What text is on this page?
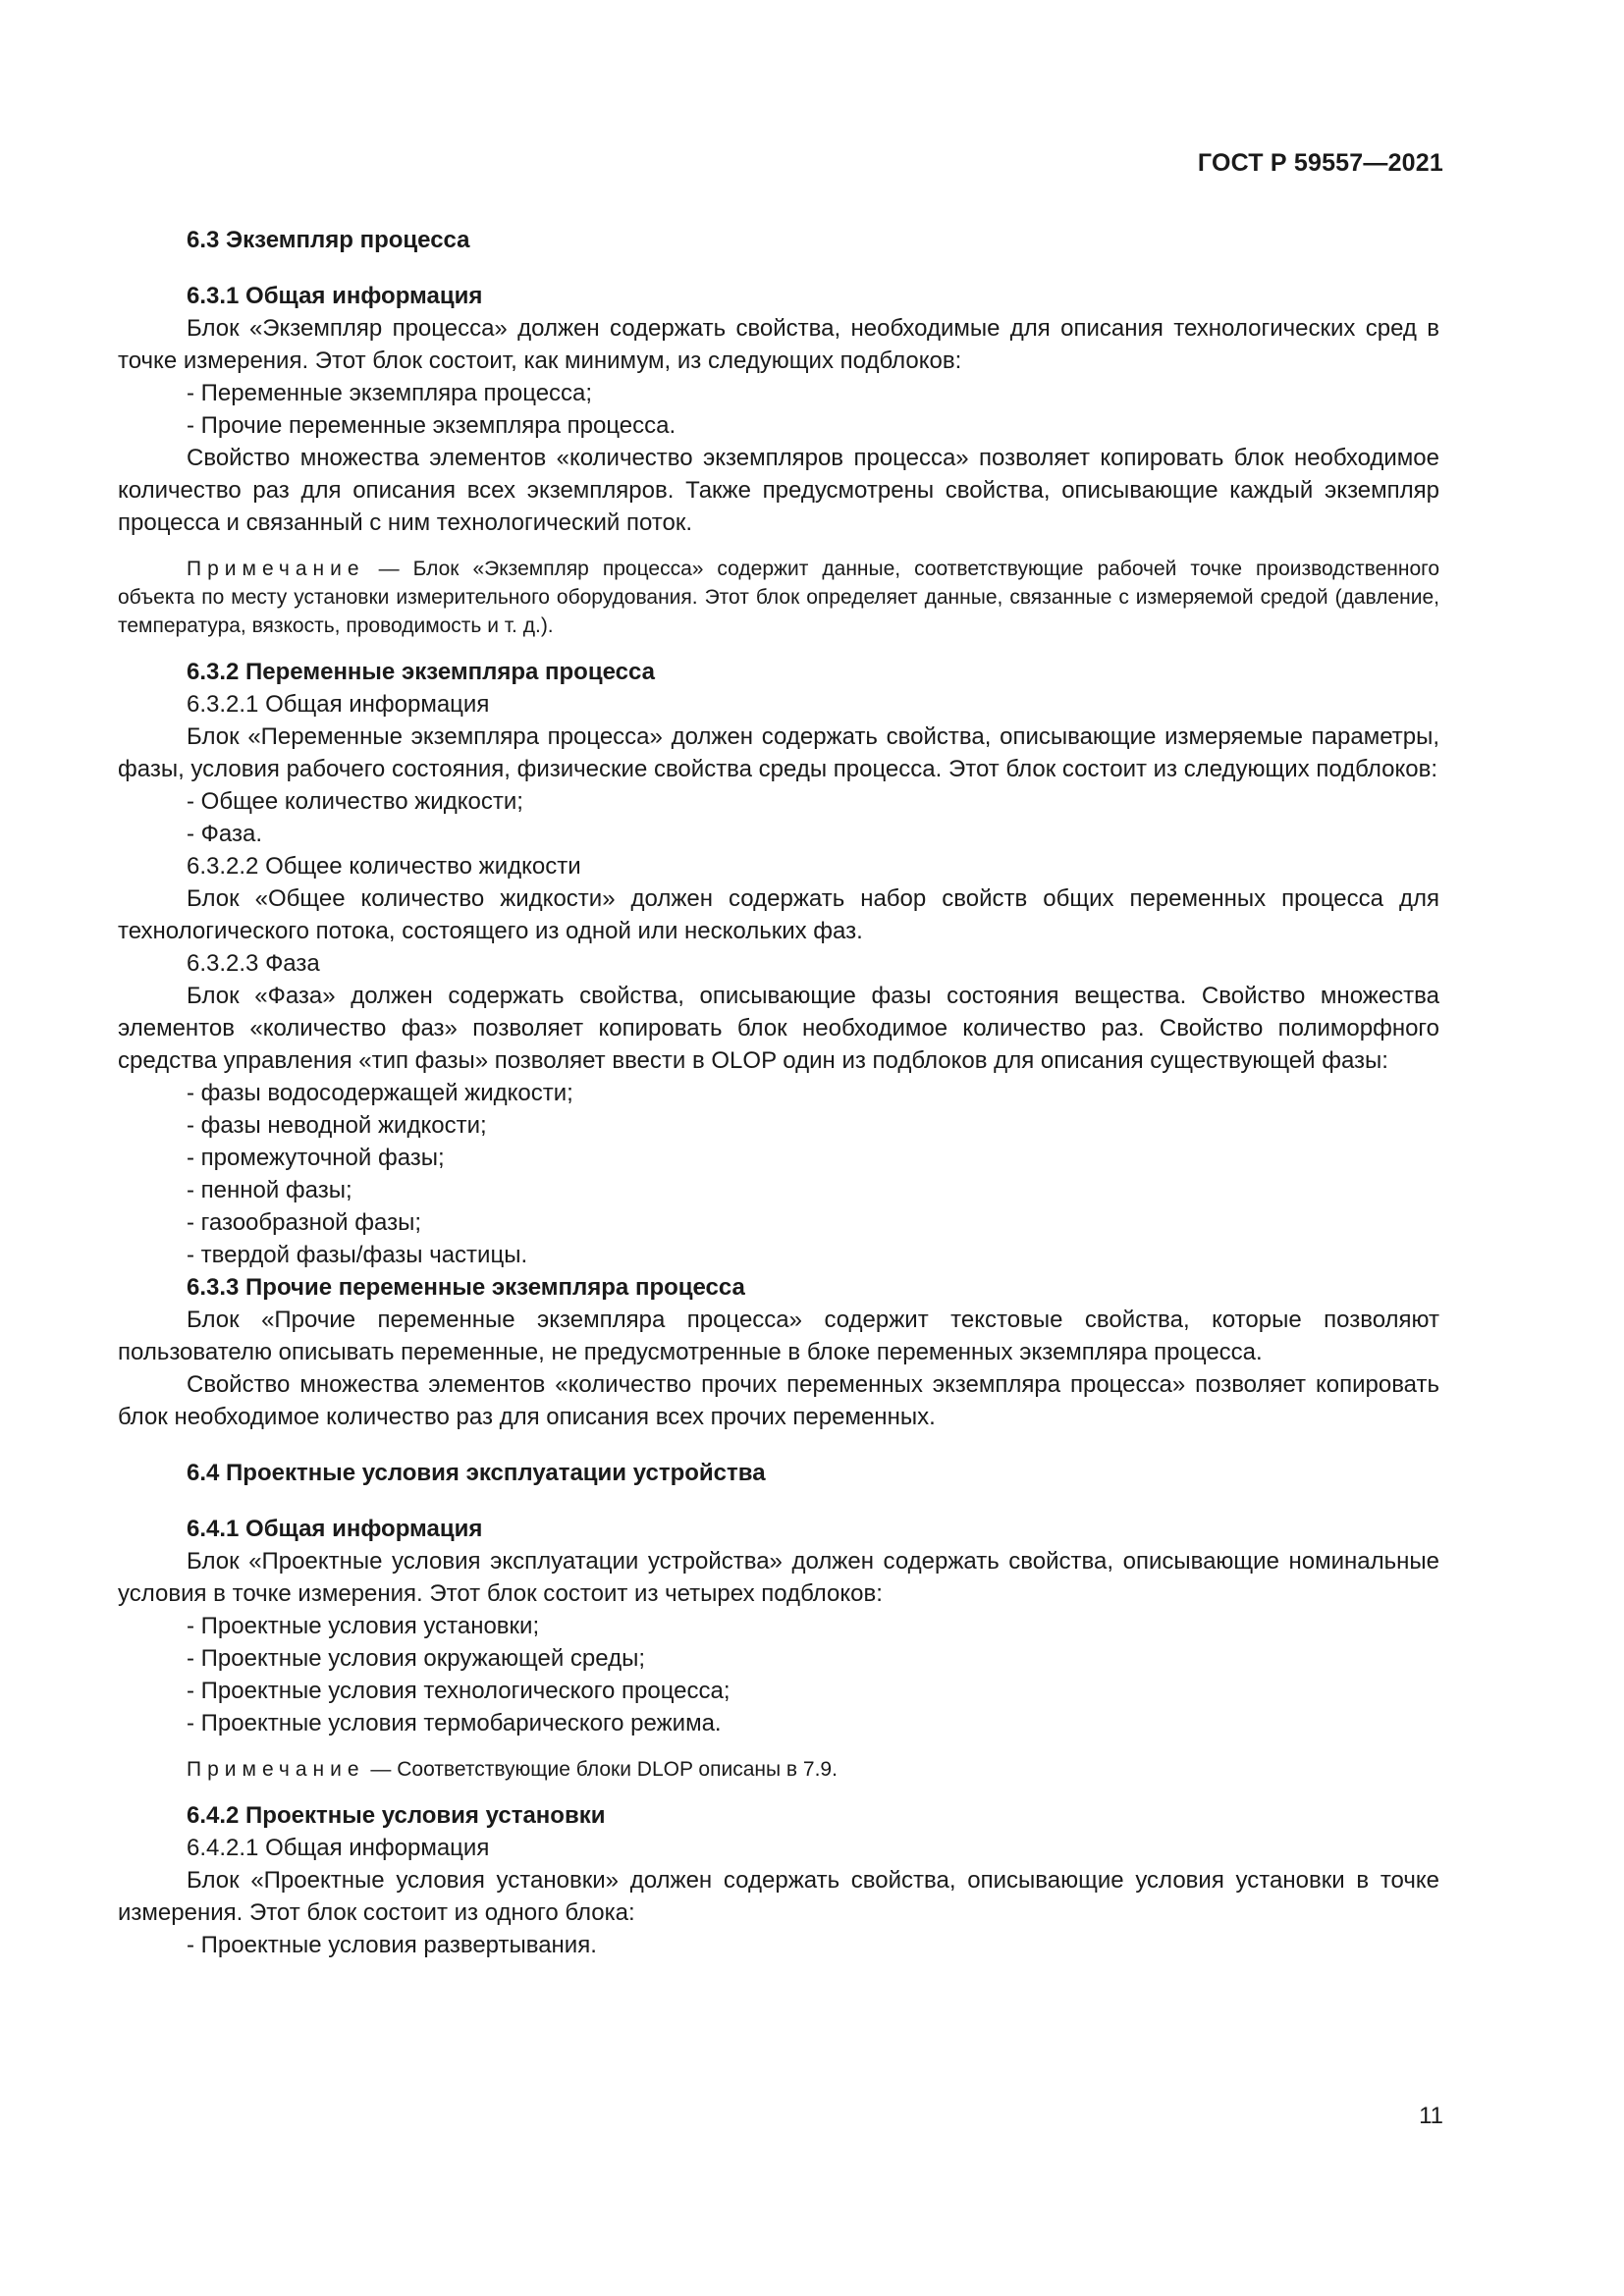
ГОСТ Р 59557—2021

6.3 Экземпляр процесса

6.3.1 Общая информация

Блок «Экземпляр процесса» должен содержать свойства, необходимые для описания технологических сред в точке измерения. Этот блок состоит, как минимум, из следующих подблоков:

- Переменные экземпляра процесса;

- Прочие переменные экземпляра процесса.

Свойство множества элементов «количество экземпляров процесса» позволяет копировать блок необходимое количество раз для описания всех экземпляров. Также предусмотрены свойства, описывающие каждый экземпляр процесса и связанный с ним технологический поток.

Примечание — Блок «Экземпляр процесса» содержит данные, соответствующие рабочей точке производственного объекта по месту установки измерительного оборудования. Этот блок определяет данные, связанные с измеряемой средой (давление, температура, вязкость, проводимость и т. д.).

6.3.2 Переменные экземпляра процесса

6.3.2.1 Общая информация

Блок «Переменные экземпляра процесса» должен содержать свойства, описывающие измеряемые параметры, фазы, условия рабочего состояния, физические свойства среды процесса. Этот блок состоит из следующих подблоков:

- Общее количество жидкости;

- Фаза.

6.3.2.2 Общее количество жидкости

Блок «Общее количество жидкости» должен содержать набор свойств общих переменных процесса для технологического потока, состоящего из одной или нескольких фаз.

6.3.2.3 Фаза

Блок «Фаза» должен содержать свойства, описывающие фазы состояния вещества. Свойство множества элементов «количество фаз» позволяет копировать блок необходимое количество раз. Свойство полиморфного средства управления «тип фазы» позволяет ввести в OLOP один из подблоков для описания существующей фазы:

- фазы водосодержащей жидкости;

- фазы неводной жидкости;

- промежуточной фазы;

- пенной фазы;

- газообразной фазы;

- твердой фазы/фазы частицы.

6.3.3 Прочие переменные экземпляра процесса

Блок «Прочие переменные экземпляра процесса» содержит текстовые свойства, которые позволяют пользователю описывать переменные, не предусмотренные в блоке переменных экземпляра процесса.

Свойство множества элементов «количество прочих переменных экземпляра процесса» позволяет копировать блок необходимое количество раз для описания всех прочих переменных.

6.4 Проектные условия эксплуатации устройства

6.4.1 Общая информация

Блок «Проектные условия эксплуатации устройства» должен содержать свойства, описывающие номинальные условия в точке измерения. Этот блок состоит из четырех подблоков:

- Проектные условия установки;

- Проектные условия окружающей среды;

- Проектные условия технологического процесса;

- Проектные условия термобарического режима.

Примечание — Соответствующие блоки DLOP описаны в 7.9.

6.4.2 Проектные условия установки

6.4.2.1 Общая информация

Блок «Проектные условия установки» должен содержать свойства, описывающие условия установки в точке измерения. Этот блок состоит из одного блока:

- Проектные условия развертывания.

11
